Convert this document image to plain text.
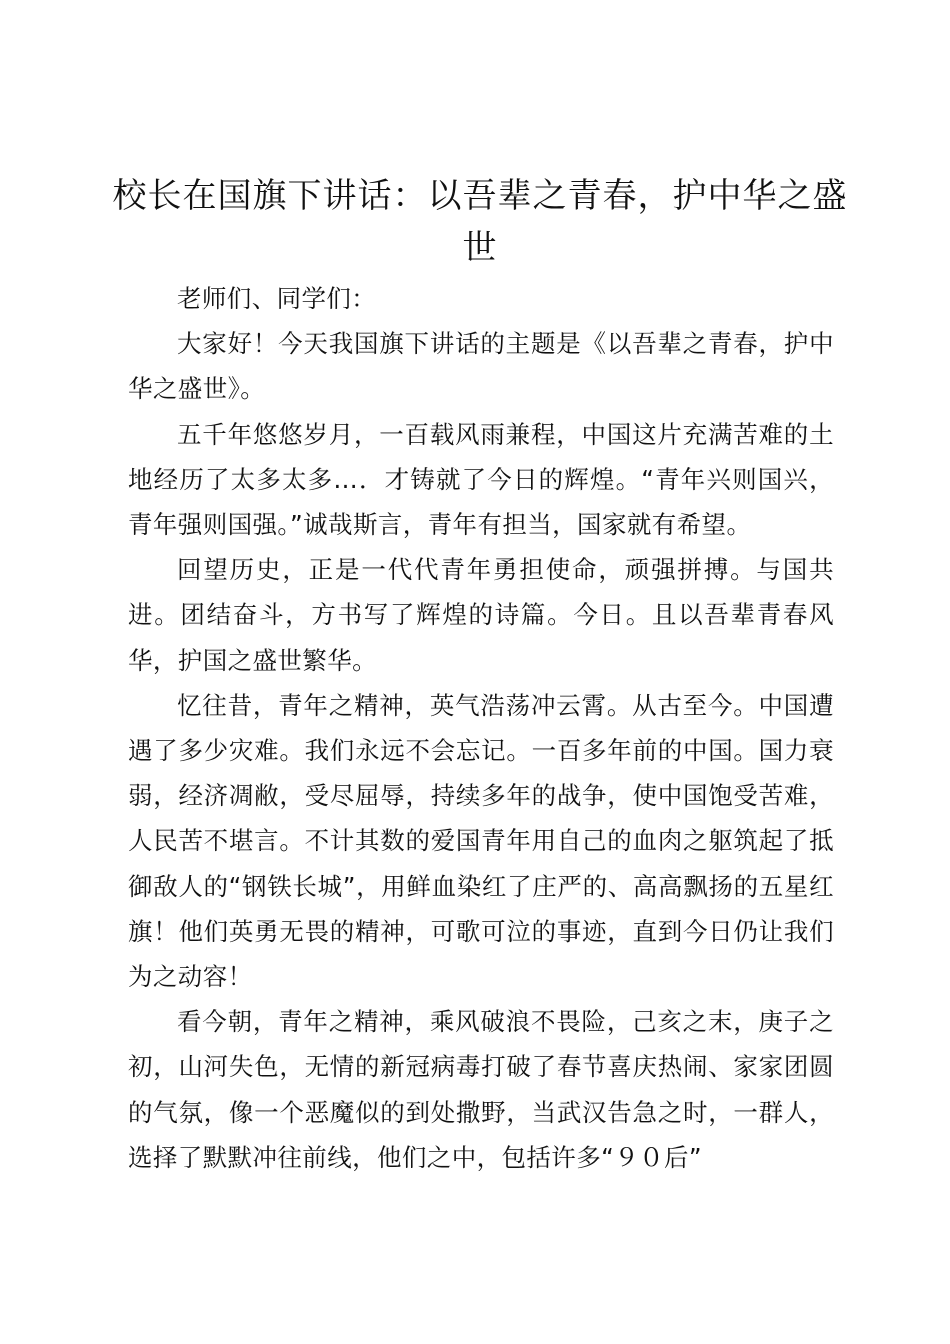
校长在国旗下讲话：以吾辈之青春，护中华之盛世

老师们、同学们：

大家好！今天我国旗下讲话的主题是《以吾辈之青春，护中华之盛世》。

五千年悠悠岁月，一百载风雨兼程，中国这片充满苦难的土地经历了太多太多…．才铸就了今日的辉煌。“青年兴则国兴，青年强则国强。”诚哉斯言，青年有担当，国家就有希望。

回望历史，正是一代代青年勇担使命，顽强拼搏。与国共进。团结奋斗，方书写了辉煌的诗篇。今日。且以吾辈青春风华，护国之盛世繁华。

忆往昔，青年之精神，英气浩荡冲云霄。从古至今。中国遭遇了多少灾难。我们永远不会忘记。一百多年前的中国。国力衰弱，经济凋敝，受尽屈辱，持续多年的战争，使中国饱受苦难，人民苦不堪言。不计其数的爱国青年用自己的血肉之躯筑起了抵御敌人的“钢铁长城”，用鲜血染红了庄严的、高高飘扬的五星红旗！他们英勇无畏的精神，可歌可泣的事迹，直到今日仍让我们为之动容！

看今朝，青年之精神，乘风破浪不畏险，己亥之末，庚子之初，山河失色，无情的新冠病毒打破了春节喜庆热闹、家家团圆的气氛，像一个恶魔似的到处撒野，当武汉告急之时，一群人，选择了默默冲往前线，他们之中，包括许多“９０后”
